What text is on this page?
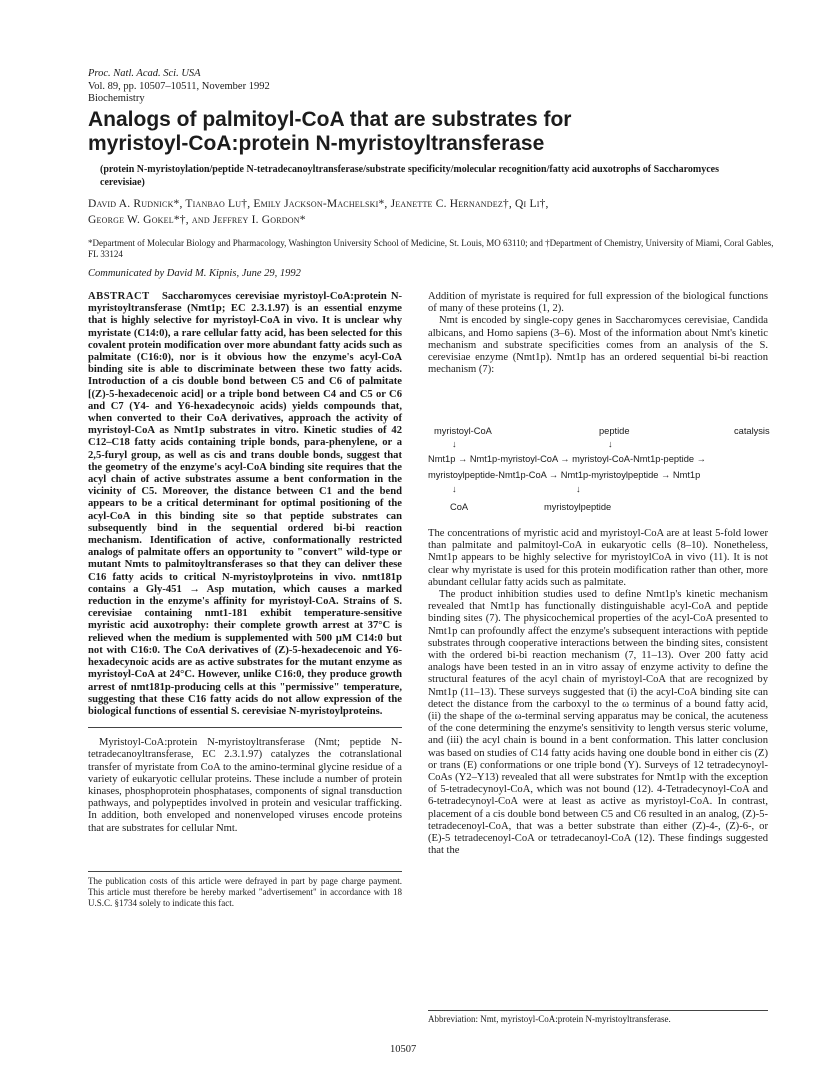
Proc. Natl. Acad. Sci. USA
Vol. 89, pp. 10507–10511, November 1992
Biochemistry
Analogs of palmitoyl-CoA that are substrates for
myristoyl-CoA:protein N-myristoyltransferase
(protein N-myristoylation/peptide N-tetradecanoyltransferase/substrate specificity/molecular recognition/fatty acid auxotrophs of Saccharomyces cerevisiae)
David A. Rudnick*, Tianbao Lu†, Emily Jackson-Machelski*, Jeanette C. Hernandez†, Qi Li†,
George W. Gokel*†, and Jeffrey I. Gordon*
*Department of Molecular Biology and Pharmacology, Washington University School of Medicine, St. Louis, MO 63110; and †Department of Chemistry, University of Miami, Coral Gables, FL 33124
Communicated by David M. Kipnis, June 29, 1992

ABSTRACT Saccharomyces cerevisiae myristoyl-CoA:protein N-myristoyltransferase (Nmt1p; EC 2.3.1.97) is an essential enzyme that is highly selective for myristoyl-CoA in vivo. It is unclear why myristate (C14:0), a rare cellular fatty acid, has been selected for this covalent protein modification over more abundant fatty acids such as palmitate (C16:0), nor is it obvious how the enzyme's acyl-CoA binding site is able to discriminate between these two fatty acids. Introduction of a cis double bond between C5 and C6 of palmitate [(Z)-5-hexadecenoic acid] or a triple bond between C4 and C5 or C6 and C7 (Y4- and Y6-hexadecynoic acids) yields compounds that, when converted to their CoA derivatives, approach the activity of myristoyl-CoA as Nmt1p substrates in vitro. Kinetic studies of 42 C12–C18 fatty acids containing triple bonds, para-phenylene, or a 2,5-furyl group, as well as cis and trans double bonds, suggest that the geometry of the enzyme's acyl-CoA binding site requires that the acyl chain of active substrates assume a bent conformation in the vicinity of C5. Moreover, the distance between C1 and the bend appears to be a critical determinant for optimal positioning of the acyl-CoA in this binding site so that peptide substrates can subsequently bind in the sequential ordered bi-bi reaction mechanism. Identification of active, conformationally restricted analogs of palmitate offers an opportunity to "convert" wild-type or mutant Nmts to palmitoyltransferases so that they can deliver these C16 fatty acids to critical N-myristoylproteins in vivo. nmt181p contains a Gly-451 → Asp mutation, which causes a marked reduction in the enzyme's affinity for myristoyl-CoA. Strains of S. cerevisiae containing nmt1-181 exhibit temperature-sensitive myristic acid auxotrophy: their complete growth arrest at 37°C is relieved when the medium is supplemented with 500 μM C14:0 but not with C16:0. The CoA derivatives of (Z)-5-hexadecenoic and Y6-hexadecynoic acids are as active substrates for the mutant enzyme as myristoyl-CoA at 24°C. However, unlike C16:0, they produce growth arrest of nmt181p-producing cells at this "permissive" temperature, suggesting that these C16 fatty acids do not allow expression of the biological functions of essential S. cerevisiae N-myristoylproteins.

Myristoyl-CoA:protein N-myristoyltransferase (Nmt; peptide N-tetradecanoyltransferase, EC 2.3.1.97) catalyzes the cotranslational transfer of myristate from CoA to the amino-terminal glycine residue of a variety of eukaryotic cellular proteins. These include a number of protein kinases, phosphoprotein phosphatases, components of signal transduction pathways, and polypeptides involved in protein and vesicular trafficking. In addition, both enveloped and nonenveloped viruses encode proteins that are substrates for cellular Nmt.

The publication costs of this article were defrayed in part by page charge payment. This article must therefore be hereby marked "advertisement" in accordance with 18 U.S.C. §1734 solely to indicate this fact.

Addition of myristate is required for full expression of the biological functions of many of these proteins (1, 2).

Nmt is encoded by single-copy genes in Saccharomyces cerevisiae, Candida albicans, and Homo sapiens (3–6). Most of the information about Nmt's kinetic mechanism and substrate specificities comes from an analysis of the S. cerevisiae enzyme (Nmt1p). Nmt1p has an ordered sequential bi-bi reaction mechanism (7):

myristoyl-CoA	peptide	catalysis
↓	↓
Nmt1p → Nmt1p-myristoyl-CoA → myristoyl-CoA-Nmt1p-peptide →
myristoylpeptide-Nmt1p-CoA → Nmt1p-myristoylpeptide → Nmt1p
↓	↓
CoA	myristoylpeptide

The concentrations of myristic acid and myristoyl-CoA are at least 5-fold lower than palmitate and palmitoyl-CoA in eukaryotic cells (8–10). Nonetheless, Nmt1p appears to be highly selective for myristoylCoA in vivo (11). It is not clear why myristate is used for this protein modification rather than other, more abundant cellular fatty acids such as palmitate.

The product inhibition studies used to define Nmt1p's kinetic mechanism revealed that Nmt1p has functionally distinguishable acyl-CoA and peptide binding sites (7). The physicochemical properties of the acyl-CoA presented to Nmt1p can profoundly affect the enzyme's subsequent interactions with peptide substrates through cooperative interactions between the binding sites, consistent with the ordered bi-bi reaction mechanism (7, 11–13). Over 200 fatty acid analogs have been tested in an in vitro assay of enzyme activity to define the structural features of the acyl chain of myristoyl-CoA that are recognized by Nmt1p (11–13). These surveys suggested that (i) the acyl-CoA binding site can detect the distance from the carboxyl to the ω terminus of a bound fatty acid, (ii) the shape of the ω-terminal serving apparatus may be conical, the acuteness of the cone determining the enzyme's sensitivity to length versus steric volume, and (iii) the acyl chain is bound in a bent conformation. This latter conclusion was based on studies of C14 fatty acids having one double bond in either cis (Z) or trans (E) conformations or one triple bond (Y). Surveys of 12 tetradecynoyl-CoAs (Y2–Y13) revealed that all were substrates for Nmt1p with the exception of 5-tetradecynoyl-CoA, which was not bound (12). 4-Tetradecynoyl-CoA and 6-tetradecynoyl-CoA were at least as active as myristoyl-CoA. In contrast, placement of a cis double bond between C5 and C6 resulted in an analog, (Z)-5-tetradecenoyl-CoA, that was a better substrate than either (Z)-4-, (Z)-6-, or (E)-5 tetradecenoyl-CoA or tetradecanoyl-CoA (12). These findings suggested that the

Abbreviation: Nmt, myristoyl-CoA:protein N-myristoyltransferase.
10507
